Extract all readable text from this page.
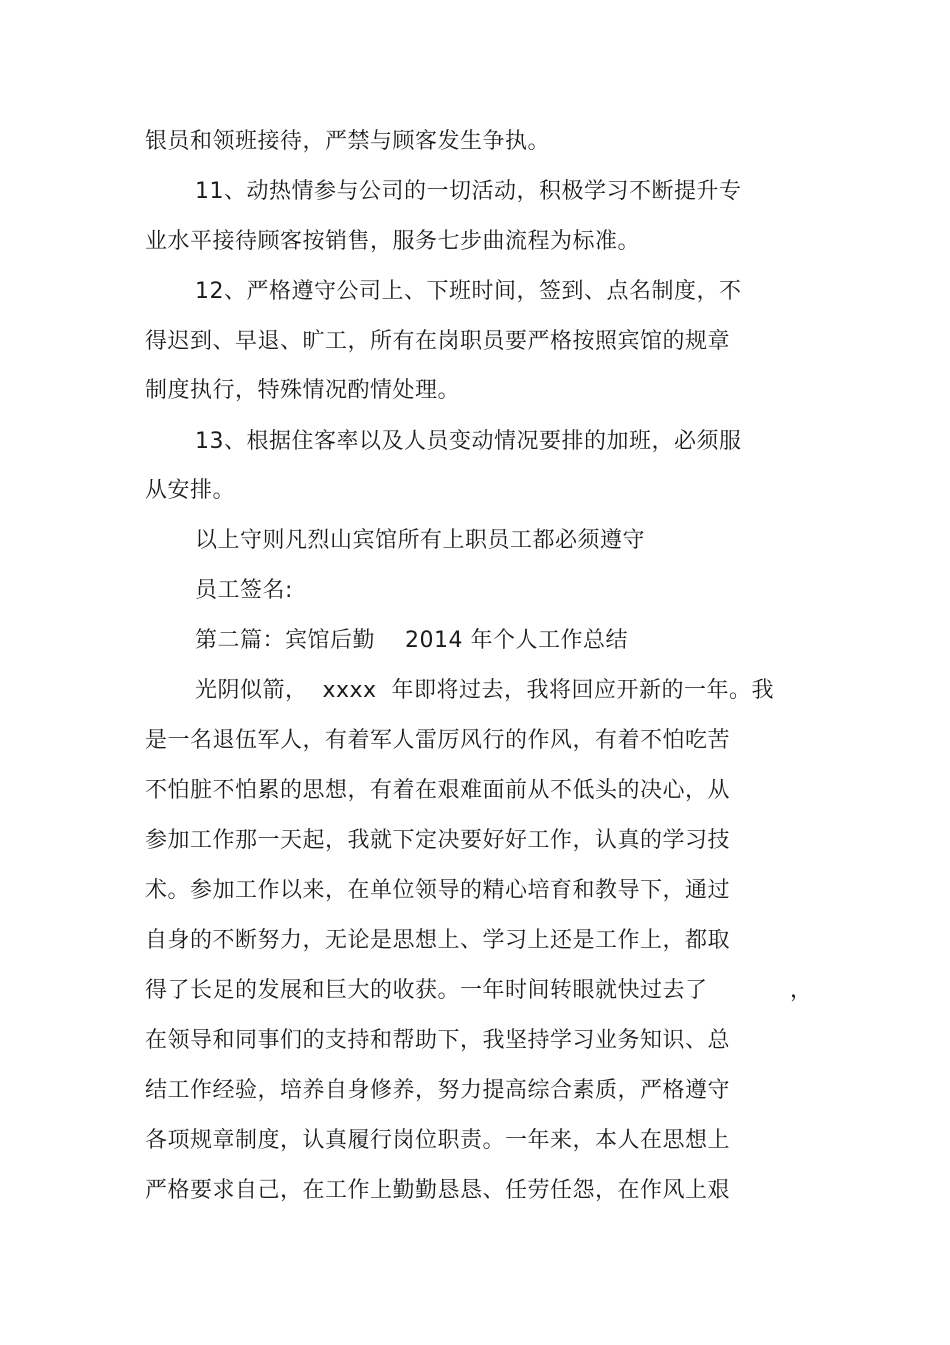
银员和领班接待，严禁与顾客发生争执。
11、动热情参与公司的一切活动，积极学习不断提升专
业水平接待顾客按销售，服务七步曲流程为标准。
12、严格遵守公司上、下班时间，签到、点名制度，不
得迟到、早退、旷工，所有在岗职员要严格按照宾馆的规章
制度执行，特殊情况酌情处理。
13、根据住客率以及人员变动情况要排的加班，必须服
从安排。
以上守则凡烈山宾馆所有上职员工都必须遵守
员工签名:
第二篇：宾馆后勤    2014 年个人工作总结
光阴似箭，  xxxx  年即将过去，我将回应开新的一年。我
是一名退伍军人，有着军人雷厉风行的作风，有着不怕吃苦
不怕脏不怕累的思想，有着在艰难面前从不低头的决心，从
参加工作那一天起，我就下定决要好好工作，认真的学习技
术。参加工作以来，在单位领导的精心培育和教导下，通过
自身的不断努力，无论是思想上、学习上还是工作上，都取
得了长足的发展和巨大的收获。一年时间转眼就快过去了	，
在领导和同事们的支持和帮助下，我坚持学习业务知识、总
结工作经验，培养自身修养，努力提高综合素质，严格遵守
各项规章制度，认真履行岗位职责。一年来，本人在思想上
严格要求自己，在工作上勤勤恳恳、任劳任怨，在作风上艰
